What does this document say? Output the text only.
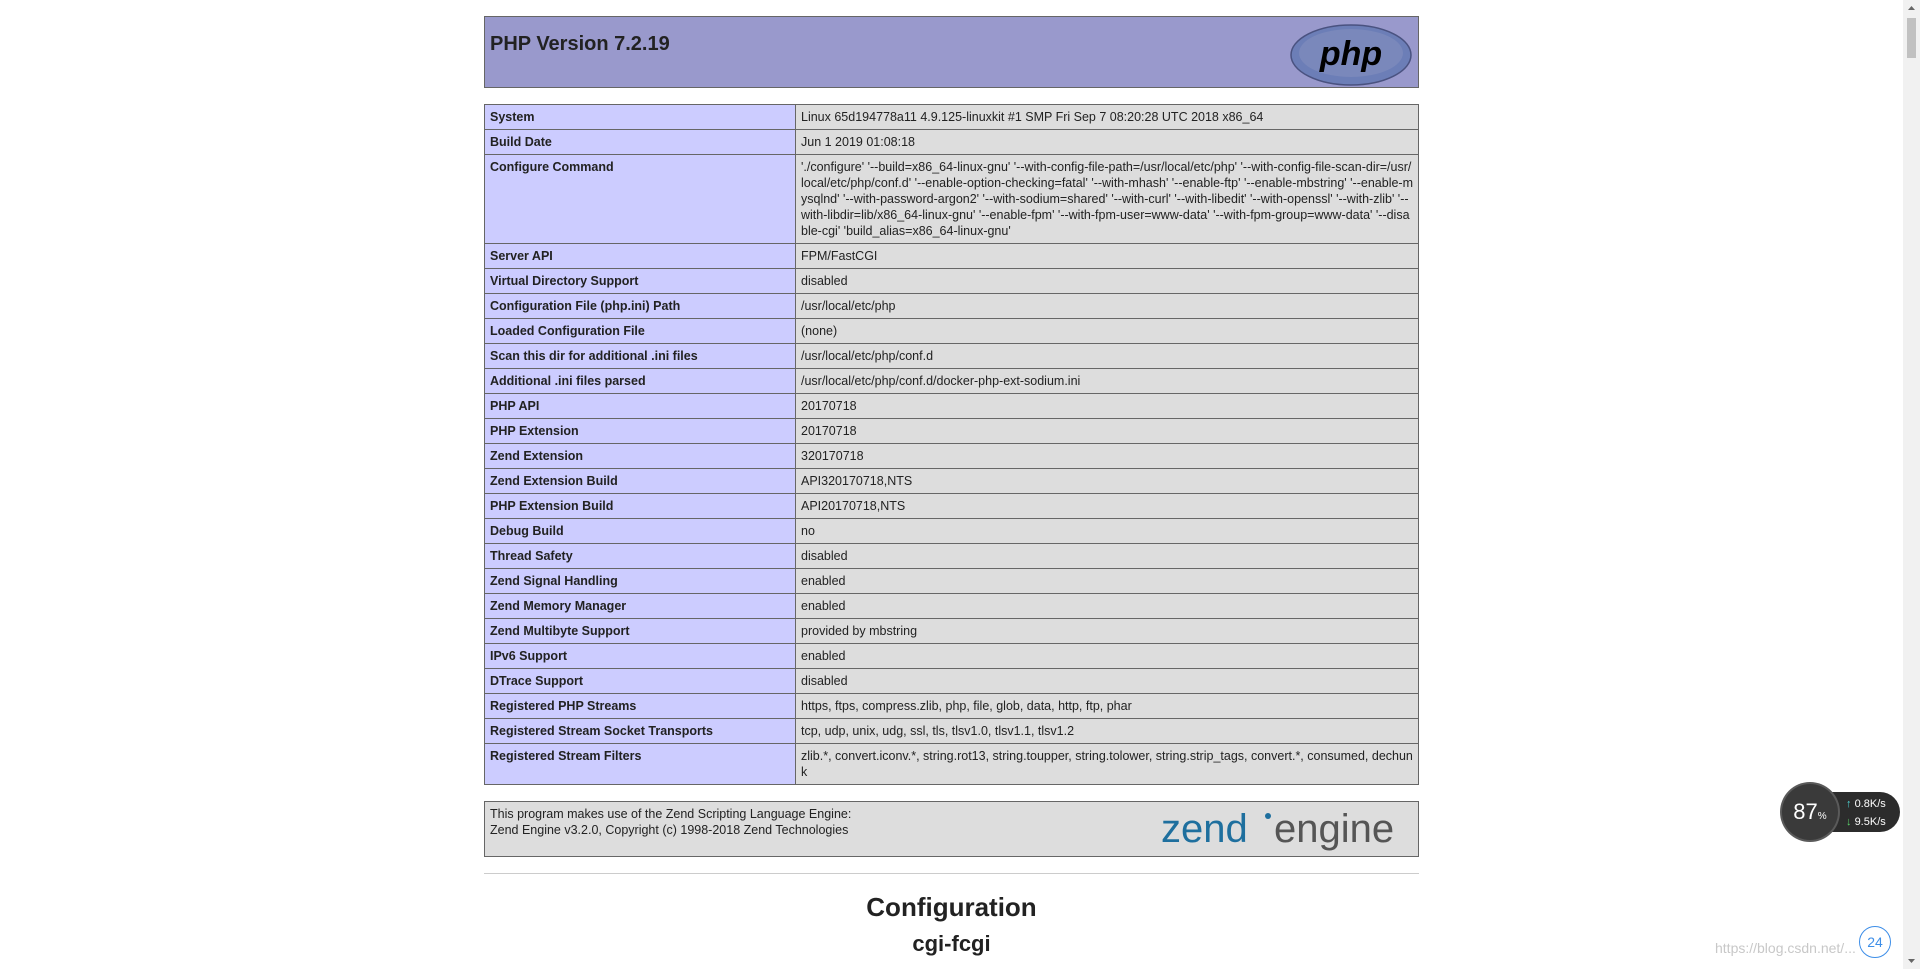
PHP Version 7.2.19	php
System	Linux 65d194778a11 4.9.125-linuxkit #1 SMP Fri Sep 7 08:20:28 UTC 2018 x86_64
Build Date	Jun 1 2019 01:08:18
Configure Command	'./configure' '--build=x86_64-linux-gnu' '--with-config-file-path=/usr/local/etc/php' '--with-config-file-scan-dir=/usr/local/etc/php/conf.d' '--enable-option-checking=fatal' '--with-mhash' '--enable-ftp' '--enable-mbstring' '--enable-mysqlnd' '--with-password-argon2' '--with-sodium=shared' '--with-curl' '--with-libedit' '--with-openssl' '--with-zlib' '--with-libdir=lib/x86_64-linux-gnu' '--enable-fpm' '--with-fpm-user=www-data' '--with-fpm-group=www-data' '--disable-cgi' 'build_alias=x86_64-linux-gnu'
Server API	FPM/FastCGI
Virtual Directory Support	disabled
Configuration File (php.ini) Path	/usr/local/etc/php
Loaded Configuration File	(none)
Scan this dir for additional .ini files	/usr/local/etc/php/conf.d
Additional .ini files parsed	/usr/local/etc/php/conf.d/docker-php-ext-sodium.ini
PHP API	20170718
PHP Extension	20170718
Zend Extension	320170718
Zend Extension Build	API320170718,NTS
PHP Extension Build	API20170718,NTS
Debug Build	no
Thread Safety	disabled
Zend Signal Handling	enabled
Zend Memory Manager	enabled
Zend Multibyte Support	provided by mbstring
IPv6 Support	enabled
DTrace Support	disabled
Registered PHP Streams	https, ftps, compress.zlib, php, file, glob, data, http, ftp, phar
Registered Stream Socket Transports	tcp, udp, unix, udg, ssl, tls, tlsv1.0, tlsv1.1, tlsv1.2
Registered Stream Filters	zlib.*, convert.iconv.*, string.rot13, string.toupper, string.tolower, string.strip_tags, convert.*, consumed, dechunk
This program makes use of the Zend Scripting Language Engine:
Zend Engine v3.2.0, Copyright (c) 1998-2018 Zend Technologies	zend engine
Configuration
cgi-fcgi
87%
↑ 0.8K/s
↓ 9.5K/s
24
https://blog.csdn.net/...
